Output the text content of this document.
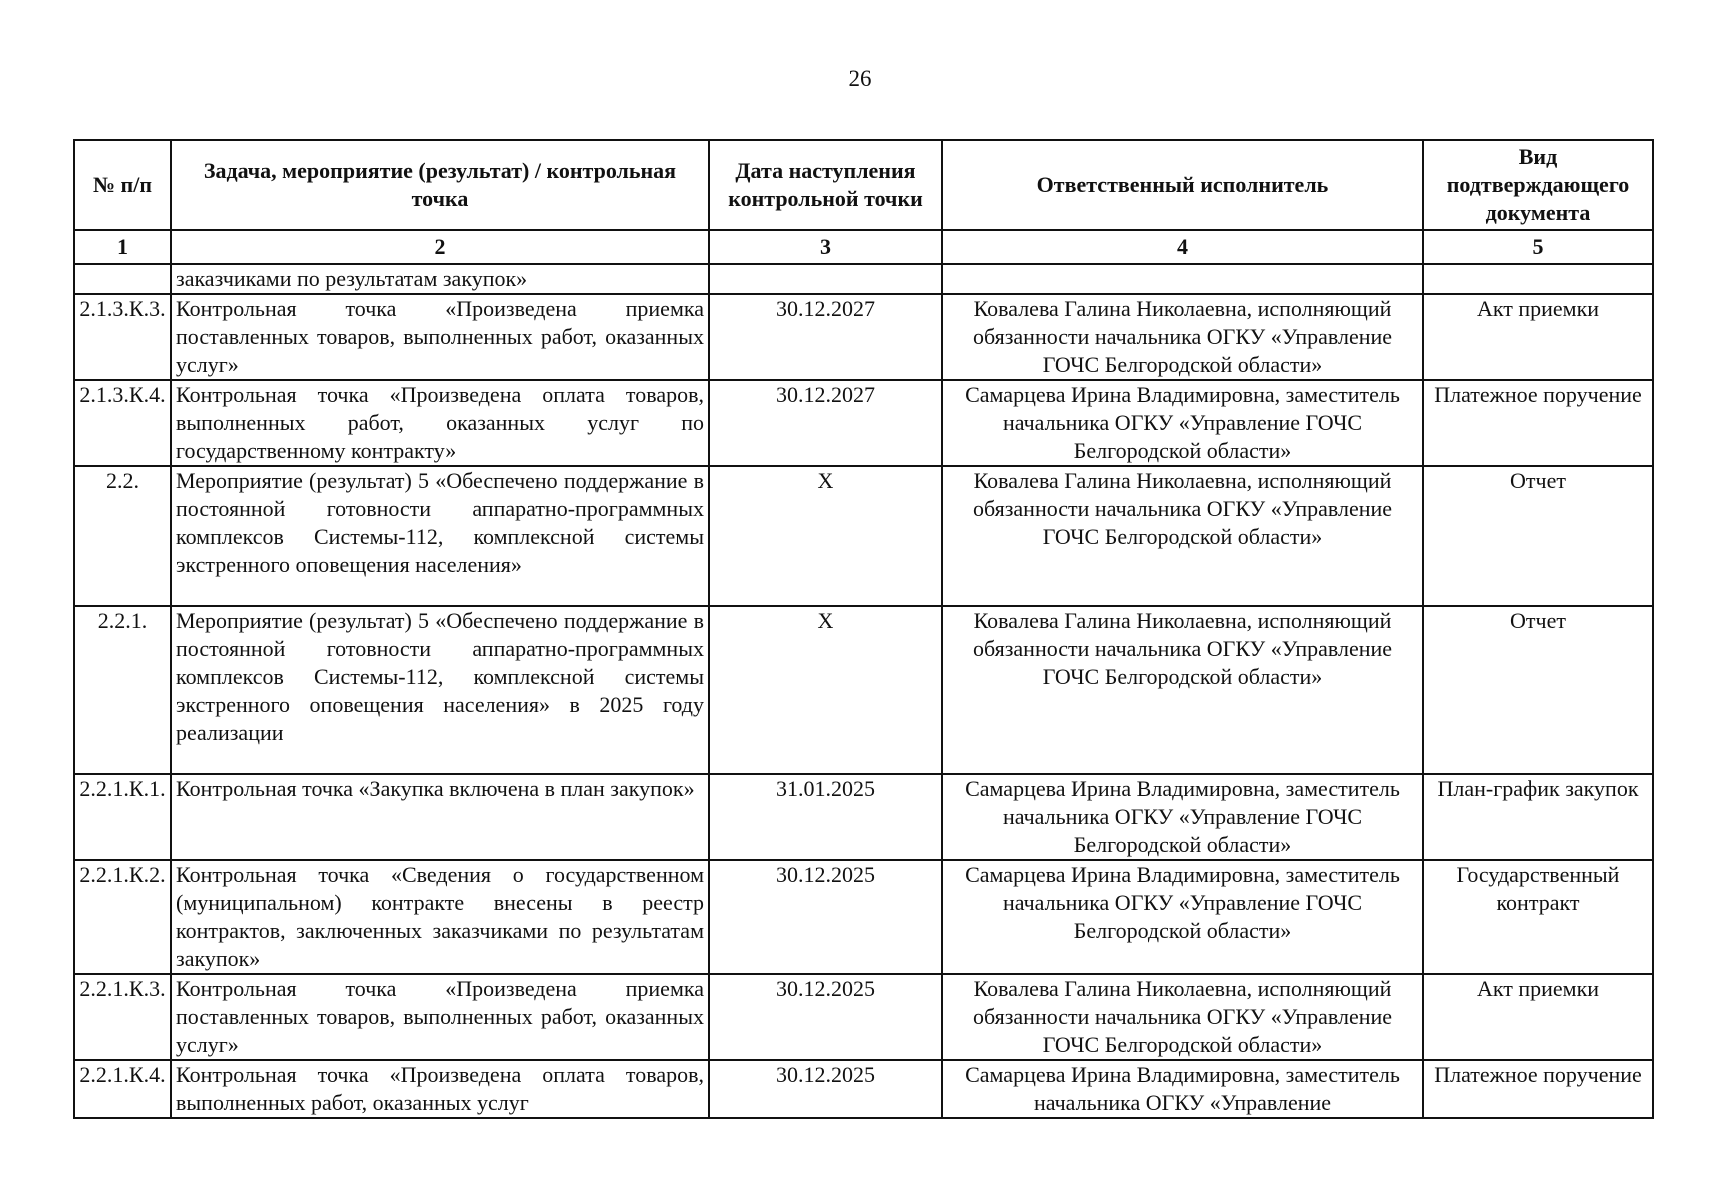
26
№ п/п	Задача, мероприятие (результат) / контрольная точка	Дата наступления контрольной точки	Ответственный исполнитель	Вид подтверждающего документа
1	2	3	4	5
	заказчиками по результатам закупок»			
2.1.3.К.3.	Контрольная точка «Произведена приемка поставленных товаров, выполненных работ, оказанных услуг»	30.12.2027	Ковалева Галина Николаевна, исполняющий обязанности начальника ОГКУ «Управление ГОЧС Белгородской области»	Акт приемки
2.1.3.К.4.	Контрольная точка «Произведена оплата товаров, выполненных работ, оказанных услуг по государственному контракту»	30.12.2027	Самарцева Ирина Владимировна, заместитель начальника ОГКУ «Управление ГОЧС Белгородской области»	Платежное поручение
2.2.	Мероприятие (результат) 5 «Обеспечено поддержание в постоянной готовности аппаратно-программных комплексов Системы-112, комплексной системы экстренного оповещения населения»	Х	Ковалева Галина Николаевна, исполняющий обязанности начальника ОГКУ «Управление ГОЧС Белгородской области»	Отчет
2.2.1.	Мероприятие (результат) 5 «Обеспечено поддержание в постоянной готовности аппаратно-программных комплексов Системы-112, комплексной системы экстренного оповещения населения» в 2025 году реализации	Х	Ковалева Галина Николаевна, исполняющий обязанности начальника ОГКУ «Управление ГОЧС Белгородской области»	Отчет
2.2.1.К.1.	Контрольная точка «Закупка включена в план закупок»	31.01.2025	Самарцева Ирина Владимировна, заместитель начальника ОГКУ «Управление ГОЧС Белгородской области»	План-график закупок
2.2.1.К.2.	Контрольная точка «Сведения о государственном (муниципальном) контракте внесены в реестр контрактов, заключенных заказчиками по результатам закупок»	30.12.2025	Самарцева Ирина Владимировна, заместитель начальника ОГКУ «Управление ГОЧС Белгородской области»	Государственный контракт
2.2.1.К.3.	Контрольная точка «Произведена приемка поставленных товаров, выполненных работ, оказанных услуг»	30.12.2025	Ковалева Галина Николаевна, исполняющий обязанности начальника ОГКУ «Управление ГОЧС Белгородской области»	Акт приемки
2.2.1.К.4.	Контрольная точка «Произведена оплата товаров, выполненных работ, оказанных услуг	30.12.2025	Самарцева Ирина Владимировна, заместитель начальника ОГКУ «Управление	Платежное поручение
